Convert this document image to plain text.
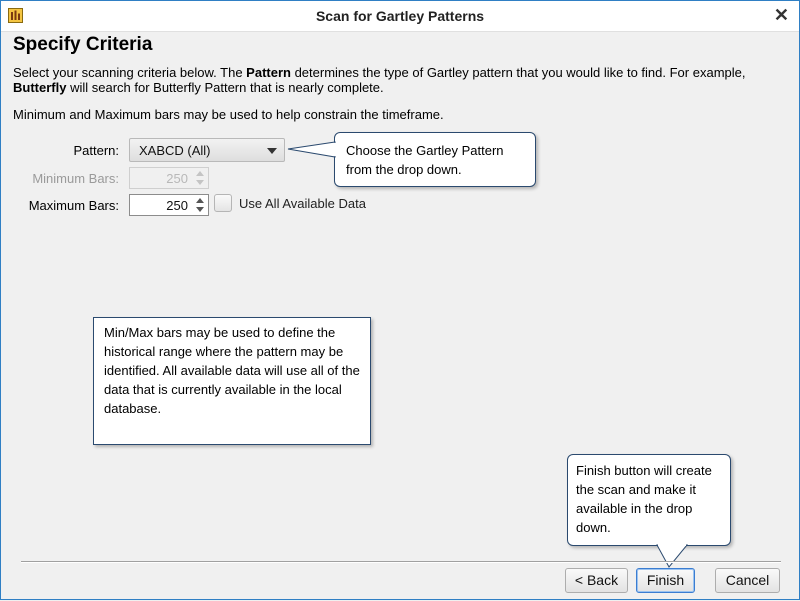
Scan for Gartley Patterns	✕
Specify Criteria
Select your scanning criteria below. The Pattern determines the type of Gartley pattern that you would like to find. For example, Butterfly will search for Butterfly Pattern that is nearly complete.
Minimum and Maximum bars may be used to help constrain the timeframe.
Pattern: XABCD (All)
Minimum Bars:	250
Maximum Bars:	250	Use All Available Data
Choose the Gartley Pattern from the drop down.
Min/Max bars may be used to define the historical range where the pattern may be identified. All available data will use all of the data that is currently available in the local database.
Finish button will create the scan and make it available in the drop down.
< Back	Finish	Cancel
